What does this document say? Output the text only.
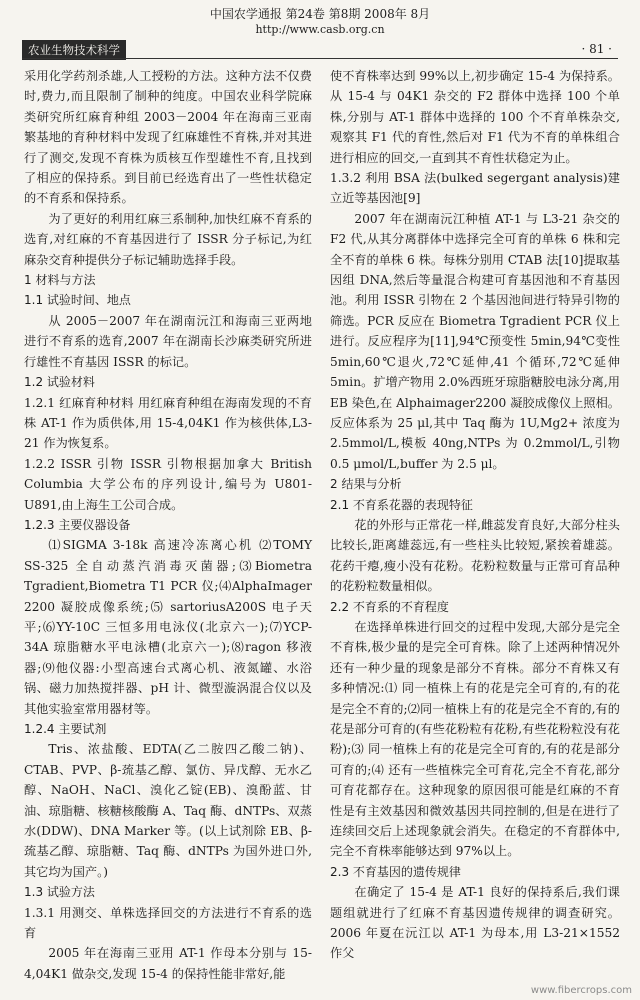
中国农学通报 第24卷 第8期 2008年 8月
http://www.casb.org.cn
农业生物技术科学	· 81 ·

采用化学药剂杀雄,人工授粉的方法。这种方法不仅费时,费力,而且限制了制种的纯度。中国农业科学院麻类研究所红麻育种组 2003－2004 年在海南三亚南繁基地的育种材料中发现了红麻雄性不育株,并对其进行了测交,发现不育株为质核互作型雄性不育,且找到了相应的保持系。到目前已经选育出了一些性状稳定的不育系和保持系。

为了更好的利用红麻三系制种,加快红麻不育系的选育,对红麻的不育基因进行了 ISSR 分子标记,为红麻杂交育种提供分子标记辅助选择手段。

1 材料与方法
1.1 试验时间、地点

从 2005－2007 年在湖南沅江和海南三亚两地进行不育系的选育,2007 年在湖南长沙麻类研究所进行雄性不育基因 ISSR 的标记。

1.2 试验材料

1.2.1 红麻育种材料 用红麻育种组在海南发现的不育株 AT-1 作为质供体,用 15-4,04K1 作为核供体,L3-21 作为恢复系。

1.2.2 ISSR 引物 ISSR 引物根据加拿大 British Columbia 大学公布的序列设计,编号为 U801-U891,由上海生工公司合成。

1.2.3 主要仪器设备

⑴SIGMA 3-18k 高速冷冻离心机 ⑵TOMY SS-325 全自动蒸汽消毒灭菌器;⑶Biometra Tgradient,Biometra T1 PCR 仪;⑷AlphaImager 2200 凝胶成像系统;⑸ sartoriusA200S 电子天平;⑹YY-10C 三恒多用电泳仪(北京六一);⑺YCP-34A 琼脂糖水平电泳槽(北京六一);⑻ragon 移液器;⑼他仪器:小型高速台式离心机、液氮罐、水浴锅、磁力加热搅拌器、pH 计、微型漩涡混合仪以及其他实验室常用器材等。

1.2.4 主要试剂

Tris、浓盐酸、EDTA(乙二胺四乙酸二钠)、CTAB、PVP、β-巯基乙醇、氯仿、异戊醇、无水乙醇、NaOH、NaCl、溴化乙锭(EB)、溴酚蓝、甘油、琼脂糖、核糖核酸酶 A、Taq 酶、dNTPs、双蒸水(DDW)、DNA Marker 等。(以上试剂除 EB、β-巯基乙醇、琼脂糖、Taq 酶、dNTPs 为国外进口外,其它均为国产。)

1.3 试验方法

1.3.1 用测交、单株选择回交的方法进行不育系的选育

2005 年在海南三亚用 AT-1 作母本分别与 15-4,04K1 做杂交,发现 15-4 的保持性能非常好,能

使不育株率达到 99%以上,初步确定 15-4 为保持系。从 15-4 与 04K1 杂交的 F2 群体中选择 100 个单株,分别与 AT-1 群体中选择的 100 个不育单株杂交,观察其 F1 代的育性,然后对 F1 代为不育的单株组合进行相应的回交,一直到其不育性状稳定为止。

1.3.2 利用 BSA 法(bulked segergant analysis)建立近等基因池[9]

2007 年在湖南沅江种植 AT-1 与 L3-21 杂交的 F2 代,从其分离群体中选择完全可育的单株 6 株和完全不育的单株 6 株。每株分别用 CTAB 法[10]提取基因组 DNA,然后等量混合构建可育基因池和不育基因池。利用 ISSR 引物在 2 个基因池间进行特异引物的筛选。PCR 反应在 Biometra Tgradient PCR 仪上进行。反应程序为[11],94℃预变性 5min,94℃变性 5min,60℃退火,72℃延伸,41 个循环,72℃延伸 5min。扩增产物用 2.0%西班牙琼脂糖胶电泳分离,用 EB 染色,在 Alphaimager2200 凝胶成像仪上照相。反应体系为 25 μl,其中 Taq 酶为 1U,Mg2+ 浓度为 2.5mmol/L,模板 40ng,NTPs 为 0.2mmol/L,引物 0.5 μmol/L,buffer 为 2.5 μl。

2 结果与分析
2.1 不育系花器的表现特征

花的外形与正常花一样,雌蕊发育良好,大部分柱头比较长,距离雄蕊远,有一些柱头比较短,紧挨着雄蕊。花药干瘪,瘦小没有花粉。花粉粒数量与正常可育品种的花粉粒数量相似。

2.2 不育系的不育程度

在选择单株进行回交的过程中发现,大部分是完全不育株,极少量的是完全可育株。除了上述两种情况外还有一种少量的现象是部分不育株。部分不育株又有多种情况:⑴ 同一植株上有的花是完全可育的,有的花是完全不育的;⑵同一植株上有的花是完全不育的,有的花是部分可育的(有些花粉粒有花粉,有些花粉粒没有花粉);⑶ 同一植株上有的花是完全可育的,有的花是部分可育的;⑷ 还有一些植株完全可育花,完全不育花,部分可育花都存在。这种现象的原因很可能是红麻的不育性是有主效基因和微效基因共同控制的,但是在进行了连续回交后上述现象就会消失。在稳定的不育群体中,完全不育株率能够达到 97%以上。

2.3 不育基因的遗传规律

在确定了 15-4 是 AT-1 良好的保持系后,我们课题组就进行了红麻不育基因遗传规律的调查研究。2006 年夏在沅江以 AT-1 为母本,用 L3-21×1552 作父

www.fibercrops.com
